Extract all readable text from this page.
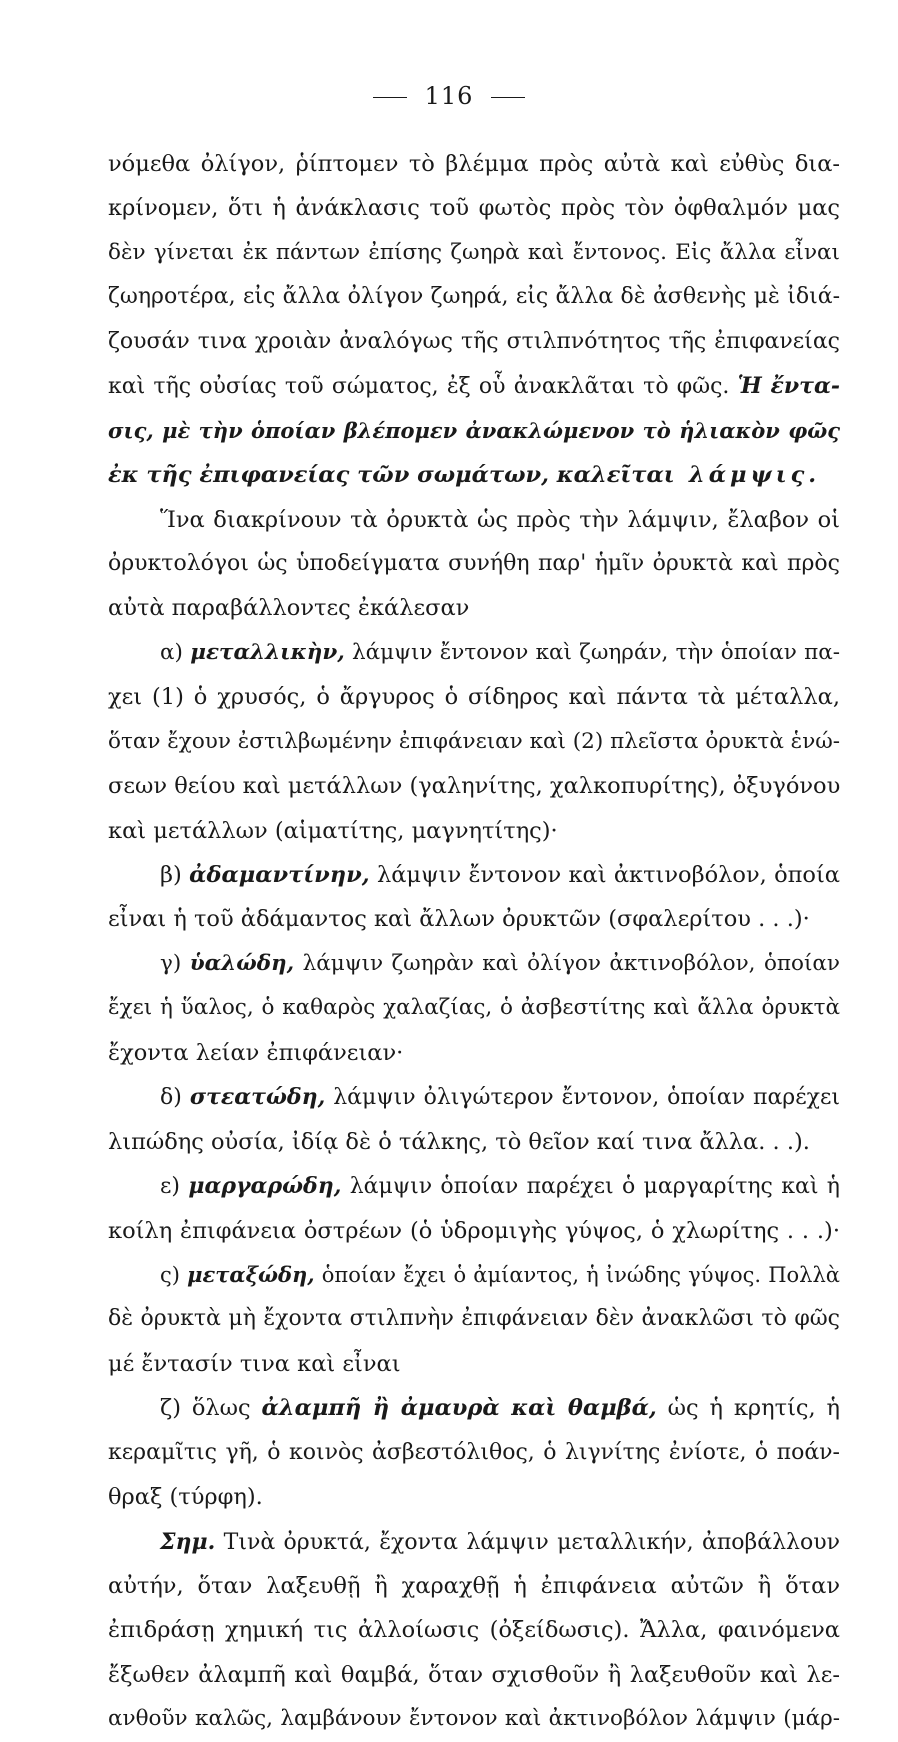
116
νόμεθα ὀλίγον, ῥίπτομεν τὸ βλέμμα πρὸς αὐτὰ καὶ εὐθὺς δια-
κρίνομεν, ὅτι ἡ ἀνάκλασις τοῦ φωτὸς πρὸς τὸν ὀφθαλμόν μας
δὲν γίνεται ἐκ πάντων ἐπίσης ζωηρὰ καὶ ἔντονος. Εἰς ἄλλα εἶναι
ζωηροτέρα, εἰς ἄλλα ὀλίγον ζωηρά, εἰς ἄλλα δὲ ἀσθενὴς μὲ ἰδιά-
ζουσάν τινα χροιὰν ἀναλόγως τῆς στιλπνότητος τῆς ἐπιφανείας
καὶ τῆς οὐσίας τοῦ σώματος, ἐξ οὗ ἀνακλᾶται τὸ φῶς. Ἡ ἔντα-
σις, μὲ τὴν ὁποίαν βλέπομεν ἀνακλώμενον τὸ ἡλιακὸν φῶς
ἐκ τῆς ἐπιφανείας τῶν σωμάτων, καλεῖται λάμψις.
Ἵνα διακρίνουν τὰ ὀρυκτὰ ὡς πρὸς τὴν λάμψιν, ἔλαβον οἱ
ὀρυκτολόγοι ὡς ὑποδείγματα συνήθη παρ' ἡμῖν ὀρυκτὰ καὶ πρὸς
αὐτὰ παραβάλλοντες ἐκάλεσαν
α) μεταλλικὴν, λάμψιν ἔντονον καὶ ζωηράν, τὴν ὁποίαν πα-
χει (1) ὁ χρυσός, ὁ ἄργυρος ὁ σίδηρος καὶ πάντα τὰ μέταλλα,
ὅταν ἔχουν ἐστιλβωμένην ἐπιφάνειαν καὶ (2) πλεῖστα ὀρυκτὰ ἑνώ-
σεων θείου καὶ μετάλλων (γαληνίτης, χαλκοπυρίτης), ὀξυγόνου
καὶ μετάλλων (αἱματίτης, μαγνητίτης)·
β) ἀδαμαντίνην, λάμψιν ἔντονον καὶ ἀκτινοβόλον, ὁποία
εἶναι ἡ τοῦ ἀδάμαντος καὶ ἄλλων ὀρυκτῶν (σφαλερίτου . . .)·
γ) ὑαλώδη, λάμψιν ζωηρὰν καὶ ὀλίγον ἀκτινοβόλον, ὁποίαν
ἔχει ἡ ὕαλος, ὁ καθαρὸς χαλαζίας, ὁ ἀσβεστίτης καὶ ἄλλα ὀρυκτὰ
ἔχοντα λείαν ἐπιφάνειαν·
δ) στεατώδη, λάμψιν ὀλιγώτερον ἔντονον, ὁποίαν παρέχει
λιπώδης οὐσία, ἰδίᾳ δὲ ὁ τάλκης, τὸ θεῖον καί τινα ἄλλα. . .).
ε) μαργαρώδη, λάμψιν ὁποίαν παρέχει ὁ μαργαρίτης καὶ ἡ
κοίλη ἐπιφάνεια ὀστρέων (ὁ ὑδρομιγὴς γύψος, ὁ χλωρίτης . . .)·
ς) μεταξώδη, ὁποίαν ἔχει ὁ ἀμίαντος, ἡ ἰνώδης γύψος. Πολλὰ
δὲ ὀρυκτὰ μὴ ἔχοντα στιλπνὴν ἐπιφάνειαν δὲν ἀνακλῶσι τὸ φῶς
μέ ἔντασίν τινα καὶ εἶναι
ζ) ὅλως ἀλαμπῆ ἢ ἀμαυρὰ καὶ θαμβά, ὡς ἡ κρητίς, ἡ
κεραμῖτις γῆ, ὁ κοινὸς ἀσβεστόλιθος, ὁ λιγνίτης ἐνίοτε, ὁ ποάν-
θραξ (τύρφη).
Σημ. Τινὰ ὀρυκτά, ἔχοντα λάμψιν μεταλλικήν, ἀποβάλλουν
αὐτήν, ὅταν λαξευθῇ ἢ χαραχθῇ ἡ ἐπιφάνεια αὐτῶν ἢ ὅταν
ἐπιδράσῃ χημική τις ἀλλοίωσις (ὀξείδωσις). Ἄλλα, φαινόμενα
ἔξωθεν ἀλαμπῆ καὶ θαμβά, ὅταν σχισθοῦν ἢ λαξευθοῦν καὶ λε-
ανθοῦν καλῶς, λαμβάνουν ἔντονον καὶ ἀκτινοβόλον λάμψιν (μάρ-
